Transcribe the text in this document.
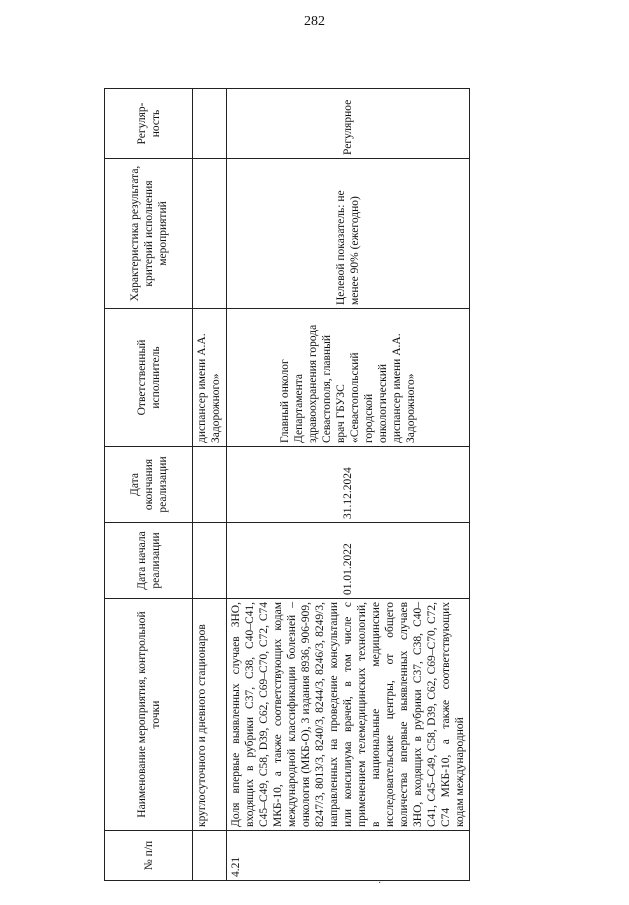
282
№ п/п	Наименование мероприятия, контрольной точки	Дата начала реализации	Дата окончания реализации	Ответственный исполнитель	Характеристика результата, критерий исполнения мероприятий	Регуляр-ность
	круглосуточного и дневного стационаров			диспансер имени А.А. Задорожного»		
4.21	Доля впервые выявленных случаев ЗНО, входящих в рубрики С37, С38, С40–С41, С45–С49, С58, D39, С62, С69–С70, С72, С74 МКБ-10, а также соответствующих кодам международной классификации болезней – онкология (МКБ-О), 3 издания 8936, 906-909, 8247/3, 8013/3, 8240/3, 8244/3, 8246/3, 8249/3, направленных на проведение консультации или консилиума врачей, в том числе с применением телемедицинских технологий, в национальные медицинские исследовательские центры, от общего количества впервые выявленных случаев ЗНО, входящих в рубрики С37, С38, С40–С41, С45–С49, С58, D39, С62, С69–С70, С72, С74 МКБ-10, а также соответствующих кодам международной	01.01.2022	31.12.2024	Главный онколог Департамента здравоохранения города Севастополя, главный врач ГБУЗС «Севастопольский городской онкологический диспансер имени А.А. Задорожного»	Целевой показатель: не менее 90% (ежегодно)	Регулярное
·
